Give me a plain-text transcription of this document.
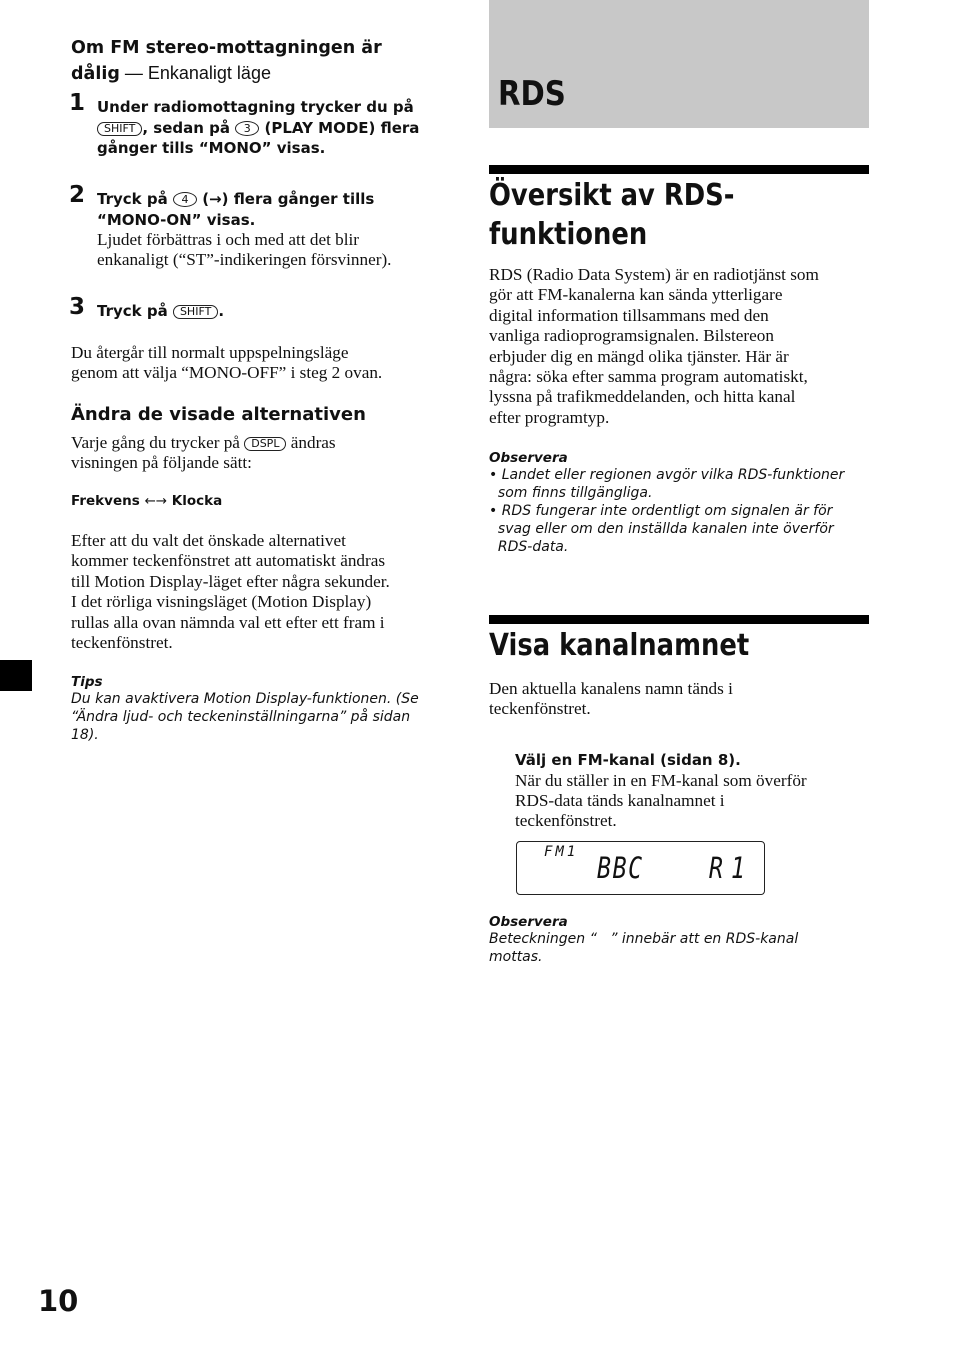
Om FM stereo-mottagningen är
dålig — Enkanaligt läge
1 Under radiomottagning trycker du på
SHIFT , sedan på 3 (PLAY MODE) flera
gånger tills “MONO” visas.
2 Tryck på 4 (→) flera gånger tills
“MONO-ON” visas.
Ljudet förbättras i och med att det blir
enkanaligt (“ST”-indikeringen försvinner).
3 Tryck på SHIFT .
Du återgår till normalt uppspelningsläge
genom att välja “MONO-OFF” i steg 2 ovan.
Ändra de visade alternativen
Varje gång du trycker på DSPL ändras
visningen på följande sätt:
Frekvens ←→ Klocka
Efter att du valt det önskade alternativet
kommer teckenfönstret att automatiskt ändras
till Motion Display-läget efter några sekunder.
I det rörliga visningsläget (Motion Display)
rullas alla ovan nämnda val ett efter ett fram i
teckenfönstret.
Tips
Du kan avaktivera Motion Display-funktionen. (Se
“Ändra ljud- och teckeninställningarna” på sidan
18).
RDS
Översikt av RDS-
funktionen
RDS (Radio Data System) är en radiotjänst som
gör att FM-kanalerna kan sända ytterligare
digital information tillsammans med den
vanliga radioprogramsignalen. Bilstereon
erbjuder dig en mängd olika tjänster. Här är
några: söka efter samma program automatiskt,
lyssna på trafikmeddelanden, och hitta kanal
efter programtyp.
Observera
• Landet eller regionen avgör vilka RDS-funktioner
som finns tillgängliga.
• RDS fungerar inte ordentligt om signalen är för
svag eller om den inställda kanalen inte överför
RDS-data.
Visa kanalnamnet
Den aktuella kanalens namn tänds i
teckenfönstret.
Välj en FM-kanal (sidan 8).
När du ställer in en FM-kanal som överför
RDS-data tänds kanalnamnet i
teckenfönstret.
FM1 BBC R1
Observera
Beteckningen “   ” innebär att en RDS-kanal
mottas.
10
